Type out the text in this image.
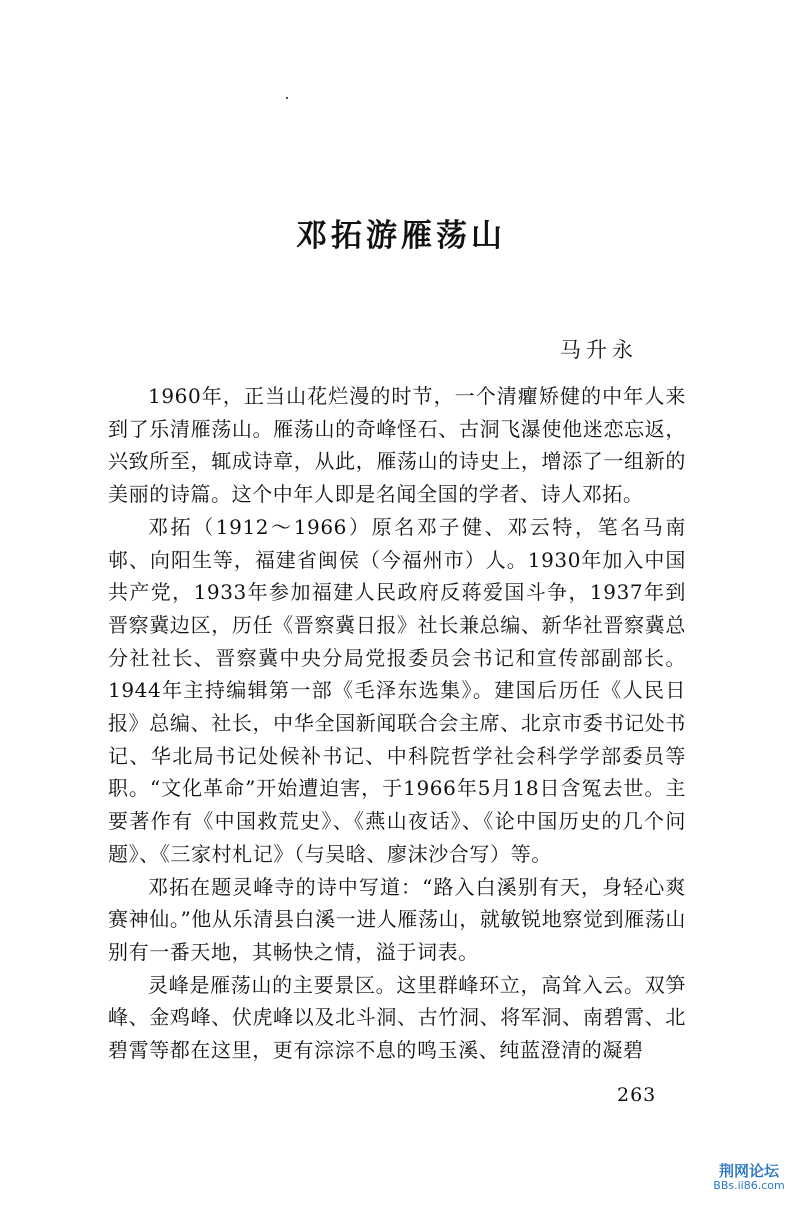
邓拓游雁荡山

马升永

1960年，正当山花烂漫的时节，一个清癯矫健的中年人来到了乐清雁荡山。雁荡山的奇峰怪石、古洞飞瀑使他迷恋忘返，兴致所至，辄成诗章，从此，雁荡山的诗史上，增添了一组新的美丽的诗篇。这个中年人即是名闻全国的学者、诗人邓拓。

邓拓（1912～1966）原名邓子健、邓云特，笔名马南邨、向阳生等，福建省闽侯（今福州市）人。1930年加入中国共产党，1933年参加福建人民政府反蒋爱国斗争，1937年到晋察冀边区，历任《晋察冀日报》社长兼总编、新华社晋察冀总分社社长、晋察冀中央分局党报委员会书记和宣传部副部长。1944年主持编辑第一部《毛泽东选集》。建国后历任《人民日报》总编、社长，中华全国新闻联合会主席、北京市委书记处书记、华北局书记处候补书记、中科院哲学社会科学学部委员等职。“文化革命”开始遭迫害，于1966年5月18日含冤去世。主要著作有《中国救荒史》、《燕山夜话》、《论中国历史的几个问题》、《三家村札记》（与吴晗、廖沫沙合写）等。

邓拓在题灵峰寺的诗中写道：“路入白溪别有天，身轻心爽赛神仙。”他从乐清县白溪一进人雁荡山，就敏锐地察觉到雁荡山别有一番天地，其畅快之情，溢于词表。

灵峰是雁荡山的主要景区。这里群峰环立，高耸入云。双笋峰、金鸡峰、伏虎峰以及北斗洞、古竹洞、将军洞、南碧霄、北碧霄等都在这里，更有淙淙不息的鸣玉溪、纯蓝澄清的凝碧

263

荆网论坛
BBs.ii86.com
